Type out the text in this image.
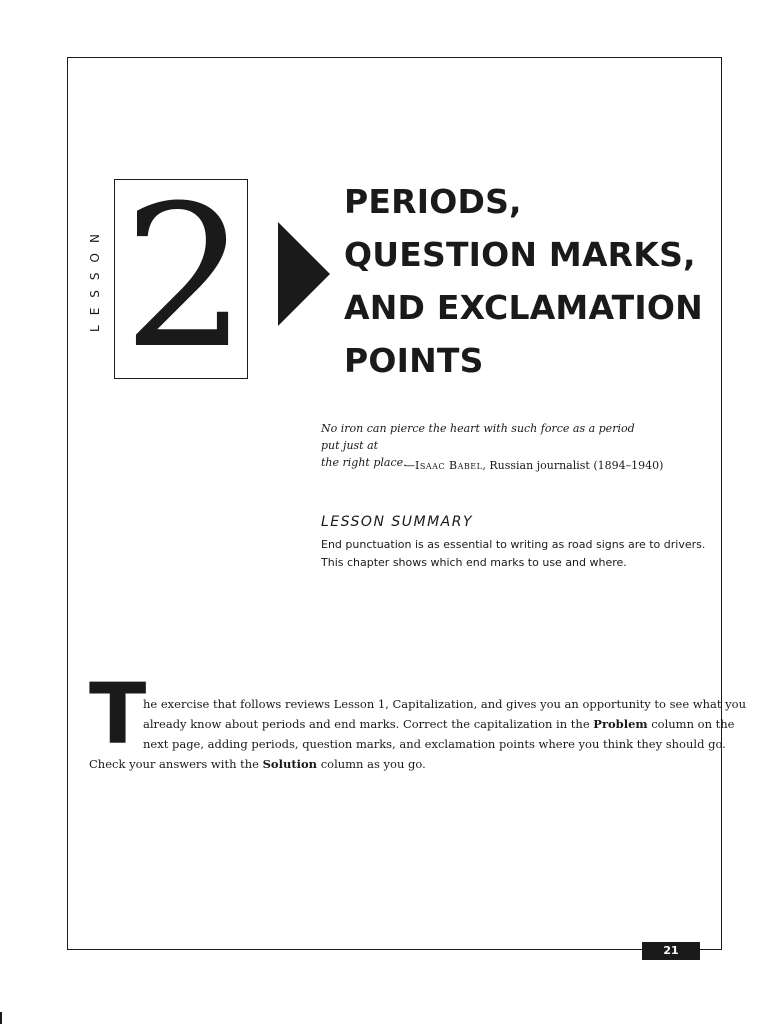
LESSON 2	PERIODS,
QUESTION MARKS,
AND EXCLAMATION
POINTS
No iron can pierce the heart with such force as a period put just at
the right place.
—Isaac Babel, Russian journalist (1894–1940)
LESSON SUMMARY
End punctuation is as essential to writing as road signs are to drivers.
This chapter shows which end marks to use and where.
T
he exercise that follows reviews Lesson 1, Capitalization, and gives you an opportunity to see what you
already know about periods and end marks. Correct the capitalization in the Problem column on the
next page, adding periods, question marks, and exclamation points where you think they should go.
Check your answers with the Solution column as you go.
21
